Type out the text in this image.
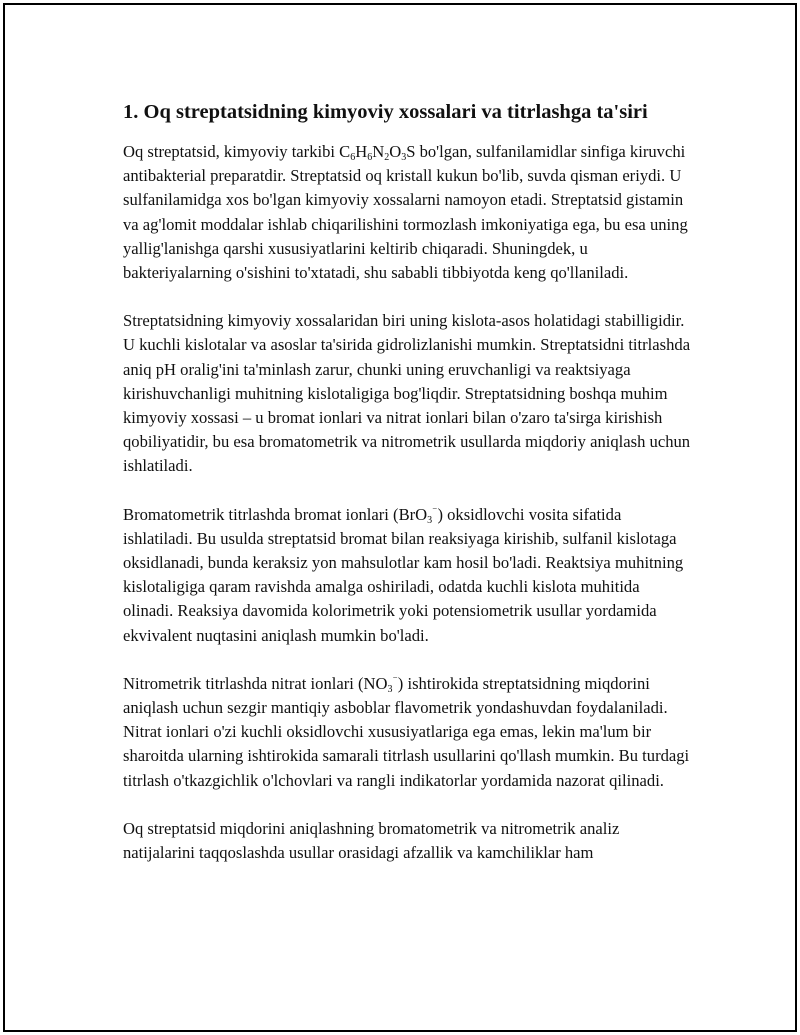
1. Oq streptatsidning kimyoviy xossalari va titrlashga ta'siri

Oq streptatsid, kimyoviy tarkibi $C_6H_6N_2O_3S$ bo'lgan, sulfanilamidlar sinfiga kiruvchi antibakterial preparatdir. Streptatsid oq kristall kukun bo'lib, suvda qisman eriydi. U sulfanilamidga xos bo'lgan kimyoviy xossalarni namoyon etadi. Streptatsid gistamin va ag'lomit moddalar ishlab chiqarilishini tormozlash imkoniyatiga ega, bu esa uning yallig'lanishga qarshi xususiyatlarini keltirib chiqaradi. Shuningdek, u bakteriyalarning o'sishini to'xtatadi, shu sababli tibbiyotda keng qo'llaniladi.

Streptatsidning kimyoviy xossalaridan biri uning kislota-asos holatidagi stabilligidir. U kuchli kislotalar va asoslar ta'sirida gidrolizlanishi mumkin. Streptatsidni titrlashda aniq pH oralig'ini ta'minlash zarur, chunki uning eruvchanligi va reaktsiyaga kirishuvchanligi muhitning kislotaligiga bog'liqdir. Streptatsidning boshqa muhim kimyoviy xossasi – u bromat ionlari va nitrat ionlari bilan o'zaro ta'sirga kirishish qobiliyatidir, bu esa bromatometrik va nitrometrik usullarda miqdoriy aniqlash uchun ishlatiladi.

Bromatometrik titrlashda bromat ionlari (BrO$_3$⁻) oksidlovchi vosita sifatida ishlatiladi. Bu usulda streptatsid bromat bilan reaksiyaga kirishib, sulfanil kislotaga oksidlanadi, bunda keraksiz yon mahsulotlar kam hosil bo'ladi. Reaktsiya muhitning kislotaligiga qaram ravishda amalga oshiriladi, odatda kuchli kislota muhitida olinadi. Reaksiya davomida kolorimetrik yoki potensiometrik usullar yordamida ekvivalent nuqtasini aniqlash mumkin bo'ladi.

Nitrometrik titrlashda nitrat ionlari $(NO_3^{^-})$ ishtirokida streptatsidning miqdorini aniqlash uchun sezgir mantiqiy asboblar flavometrik yondashuvdan foydalaniladi. Nitrat ionlari o'zi kuchli oksidlovchi xususiyatlariga ega emas, lekin ma'lum bir sharoitda ularning ishtirokida samarali titrlash usullarini qo'llash mumkin. Bu turdagi titrlash o'tkazgichlik o'lchovlari va rangli indikatorlar yordamida nazorat qilinadi.

Oq streptatsid miqdorini aniqlashning bromatometrik va nitrometrik analiz natijalarini taqqoslashda usullar orasidagi afzallik va kamchiliklar ham
